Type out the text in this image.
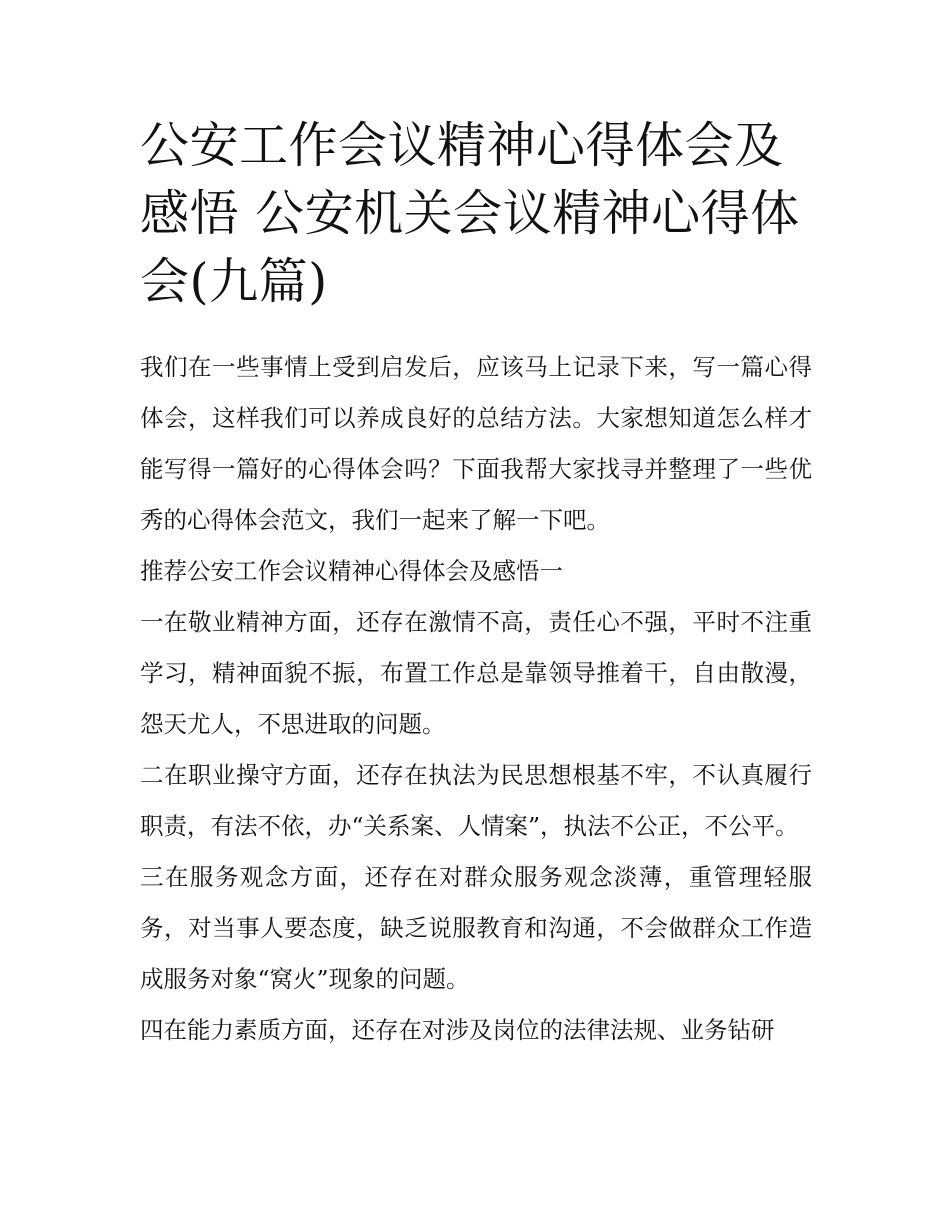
公安工作会议精神心得体会及感悟 公安机关会议精神心得体会(九篇)

我们在一些事情上受到启发后，应该马上记录下来，写一篇心得体会，这样我们可以养成良好的总结方法。大家想知道怎么样才能写得一篇好的心得体会吗？下面我帮大家找寻并整理了一些优秀的心得体会范文，我们一起来了解一下吧。

推荐公安工作会议精神心得体会及感悟一

一在敬业精神方面，还存在激情不高，责任心不强，平时不注重学习，精神面貌不振，布置工作总是靠领导推着干，自由散漫，怨天尤人，不思进取的问题。

二在职业操守方面，还存在执法为民思想根基不牢，不认真履行职责，有法不依，办“关系案、人情案”，执法不公正，不公平。

三在服务观念方面，还存在对群众服务观念淡薄，重管理轻服务，对当事人要态度，缺乏说服教育和沟通，不会做群众工作造成服务对象“窝火”现象的问题。

四在能力素质方面，还存在对涉及岗位的法律法规、业务钻研
